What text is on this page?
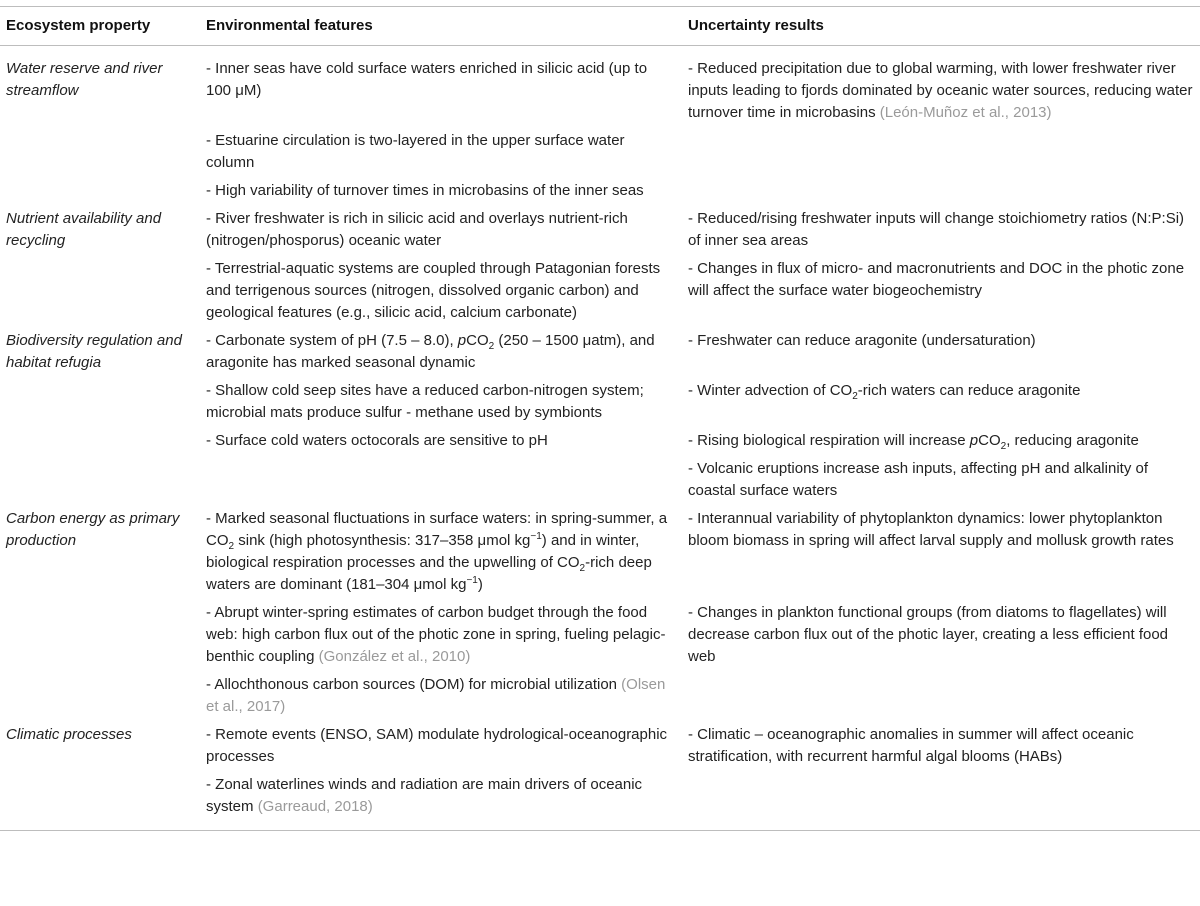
Ecosystem property	Environmental features	Uncertainty results
Water reserve and river streamflow	- Inner seas have cold surface waters enriched in silicic acid (up to 100 μM)	- Reduced precipitation due to global warming, with lower freshwater river inputs leading to fjords dominated by oceanic water sources, reducing water turnover time in microbasins (León-Muñoz et al., 2013)
	- Estuarine circulation is two-layered in the upper surface water column	
	- High variability of turnover times in microbasins of the inner seas	
Nutrient availability and recycling	- River freshwater is rich in silicic acid and overlays nutrient-rich (nitrogen/phosporus) oceanic water	- Reduced/rising freshwater inputs will change stoichiometry ratios (N:P:Si) of inner sea areas
	- Terrestrial-aquatic systems are coupled through Patagonian forests and terrigenous sources (nitrogen, dissolved organic carbon) and geological features (e.g., silicic acid, calcium carbonate)	- Changes in flux of micro- and macronutrients and DOC in the photic zone will affect the surface water biogeochemistry
Biodiversity regulation and habitat refugia	- Carbonate system of pH (7.5 – 8.0), pCO$_2$ (250 – 1500 μatm), and aragonite has marked seasonal dynamic	- Freshwater can reduce aragonite (undersaturation)
	- Shallow cold seep sites have a reduced carbon-nitrogen system; microbial mats produce sulfur - methane used by symbionts	- Winter advection of $CO_2$-rich waters can reduce aragonite
	- Surface cold waters octocorals are sensitive to pH	- Rising biological respiration will increase pCO$_2$, reducing aragonite
		- Volcanic eruptions increase ash inputs, affecting pH and alkalinity of coastal surface waters
Carbon energy as primary production	- Marked seasonal fluctuations in surface waters: in spring-summer, a $CO_2$ sink (high photosynthesis: 317–358 μmol $kg^{-1}$) and in winter, biological respiration processes and the upwelling of $CO_2$-rich deep waters are dominant (181–304 μmol $kg^{-1}$)	- Interannual variability of phytoplankton dynamics: lower phytoplankton bloom biomass in spring will affect larval supply and mollusk growth rates
	- Abrupt winter-spring estimates of carbon budget through the food web: high carbon flux out of the photic zone in spring, fueling pelagic-benthic coupling (González et al., 2010)	- Changes in plankton functional groups (from diatoms to flagellates) will decrease carbon flux out of the photic layer, creating a less efficient food web
	- Allochthonous carbon sources (DOM) for microbial utilization (Olsen et al., 2017)	
Climatic processes	- Remote events (ENSO, SAM) modulate hydrological-oceanographic processes	- Climatic – oceanographic anomalies in summer will affect oceanic stratification, with recurrent harmful algal blooms (HABs)
	- Zonal waterlines winds and radiation are main drivers of oceanic system (Garreaud, 2018)	
